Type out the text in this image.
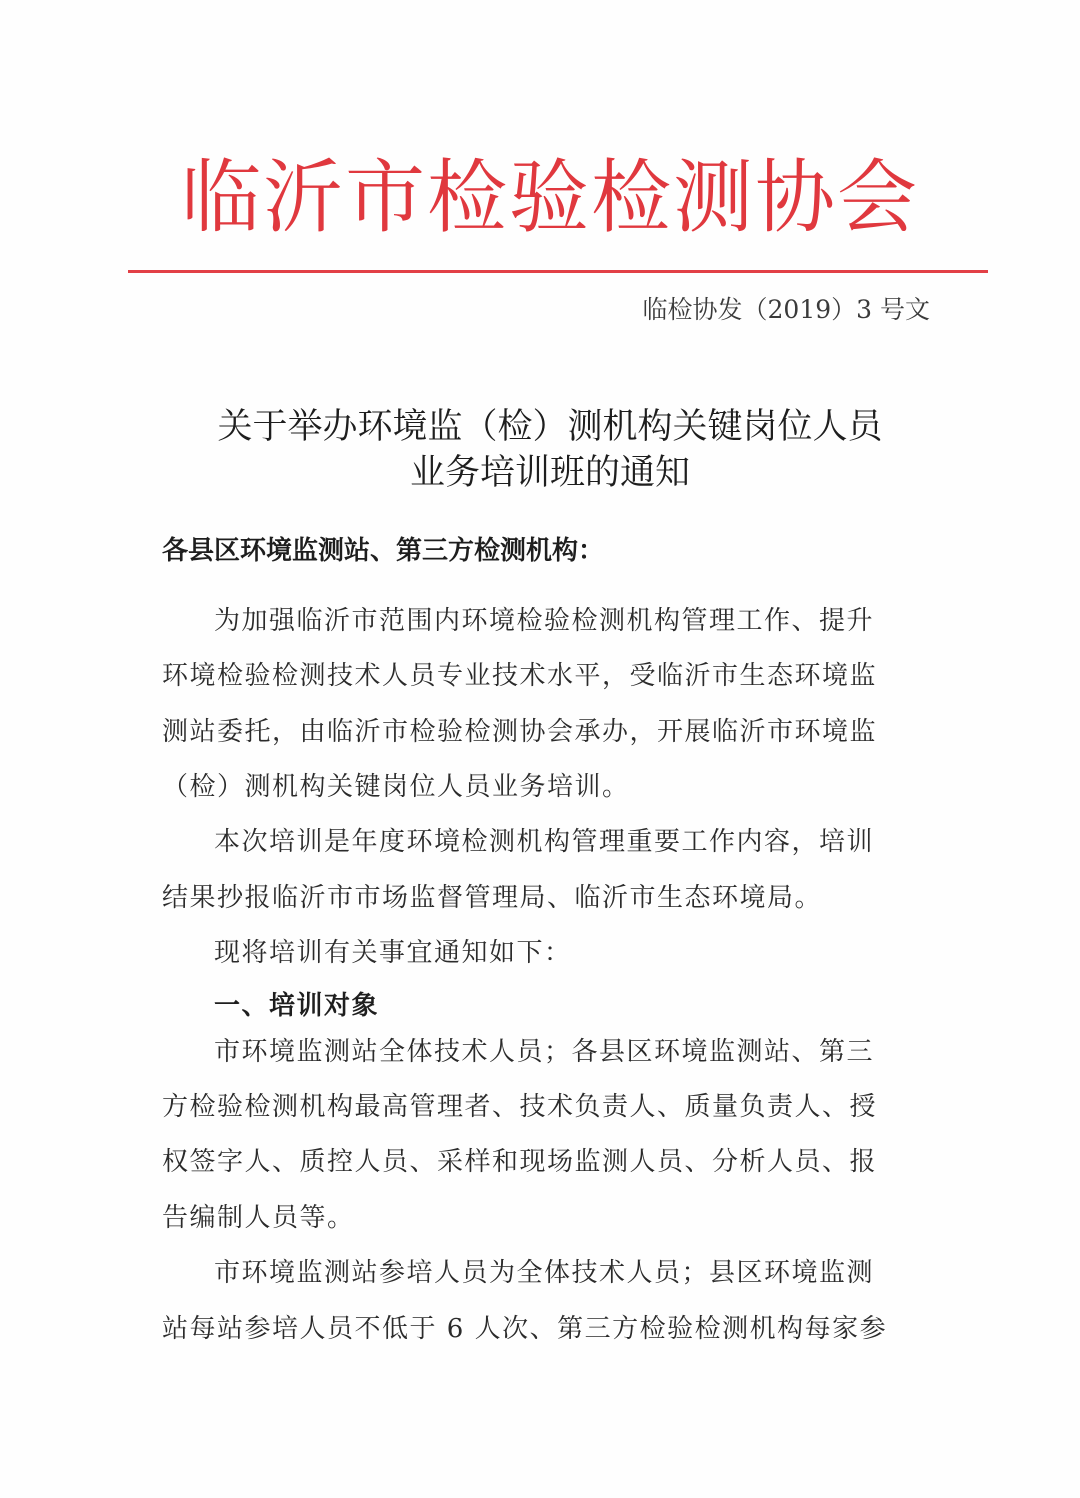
临沂市检验检测协会
临检协发（2019）3 号文
关于举办环境监（检）测机构关键岗位人员
业务培训班的通知
各县区环境监测站、第三方检测机构：
为加强临沂市范围内环境检验检测机构管理工作、提升
环境检验检测技术人员专业技术水平，受临沂市生态环境监
测站委托，由临沂市检验检测协会承办，开展临沂市环境监
（检）测机构关键岗位人员业务培训。
本次培训是年度环境检测机构管理重要工作内容，培训
结果抄报临沂市市场监督管理局、临沂市生态环境局。
现将培训有关事宜通知如下：
一、培训对象
市环境监测站全体技术人员；各县区环境监测站、第三
方检验检测机构最高管理者、技术负责人、质量负责人、授
权签字人、质控人员、采样和现场监测人员、分析人员、报
告编制人员等。
市环境监测站参培人员为全体技术人员；县区环境监测
站每站参培人员不低于 6 人次、第三方检验检测机构每家参
